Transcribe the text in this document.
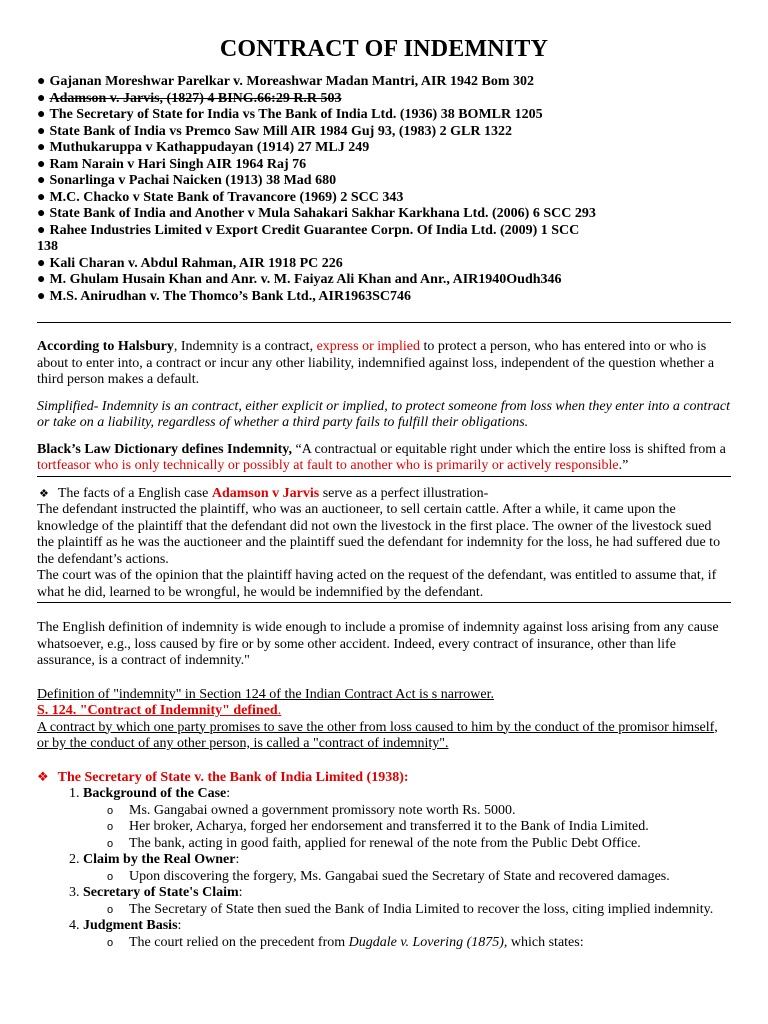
CONTRACT OF INDEMNITY
● Gajanan Moreshwar Parelkar v. Moreashwar Madan Mantri, AIR 1942 Bom 302
● Adamson v. Jarvis, (1827) 4 BING.66:29 R.R 503
● The Secretary of State for India vs The Bank of India Ltd. (1936) 38 BOMLR 1205
● State Bank of India vs Premco Saw Mill AIR 1984 Guj 93, (1983) 2 GLR 1322
● Muthukaruppa v Kathappudayan (1914) 27 MLJ 249
● Ram Narain v Hari Singh AIR 1964 Raj 76
● Sonarlinga v Pachai Naicken (1913) 38 Mad 680
● M.C. Chacko v State Bank of Travancore (1969) 2 SCC 343
● State Bank of India and Another v Mula Sahakari Sakhar Karkhana Ltd. (2006) 6 SCC 293
● Rahee Industries Limited v Export Credit Guarantee Corpn. Of India Ltd. (2009) 1 SCC 138
● Kali Charan v. Abdul Rahman, AIR 1918 PC 226
● M. Ghulam Husain Khan and Anr. v. M. Faiyaz Ali Khan and Anr., AIR1940Oudh346
● M.S. Anirudhan v. The Thomco’s Bank Ltd., AIR1963SC746

According to Halsbury, Indemnity is a contract, express or implied to protect a person, who has entered into or who is about to enter into, a contract or incur any other liability, indemnified against loss, independent of the question whether a third person makes a default.

Simplified- Indemnity is an contract, either explicit or implied, to protect someone from loss when they enter into a contract or take on a liability, regardless of whether a third party fails to fulfill their obligations.

Black’s Law Dictionary defines Indemnity, “A contractual or equitable right under which the entire loss is shifted from a tortfeasor who is only technically or possibly at fault to another who is primarily or actively responsible.”

❖ The facts of a English case Adamson v Jarvis serve as a perfect illustration-

The defendant instructed the plaintiff, who was an auctioneer, to sell certain cattle. After a while, it came upon the knowledge of the plaintiff that the defendant did not own the livestock in the first place. The owner of the livestock sued the plaintiff as he was the auctioneer and the plaintiff sued the defendant for indemnity for the loss, he had suffered due to the defendant’s actions.

The court was of the opinion that the plaintiff having acted on the request of the defendant, was entitled to assume that, if what he did, learned to be wrongful, he would be indemnified by the defendant.

The English definition of indemnity is wide enough to include a promise of indemnity against loss arising from any cause whatsoever, e.g., loss caused by fire or by some other accident. Indeed, every contract of insurance, other than life assurance, is a contract of indemnity."

Definition of "indemnity" in Section 124 of the Indian Contract Act is s narrower.

S. 124. "Contract of Indemnity" defined.

A contract by which one party promises to save the other from loss caused to him by the conduct of the promisor himself, or by the conduct of any other person, is called a "contract of indemnity".

❖ The Secretary of State v. the Bank of India Limited (1938):

1. Background of the Case:
o Ms. Gangabai owned a government promissory note worth Rs. 5000.
o Her broker, Acharya, forged her endorsement and transferred it to the Bank of India Limited.
o The bank, acting in good faith, applied for renewal of the note from the Public Debt Office.
2. Claim by the Real Owner:
o Upon discovering the forgery, Ms. Gangabai sued the Secretary of State and recovered damages.
3. Secretary of State's Claim:
o The Secretary of State then sued the Bank of India Limited to recover the loss, citing implied indemnity.
4. Judgment Basis:
o The court relied on the precedent from Dugdale v. Lovering (1875), which states:
